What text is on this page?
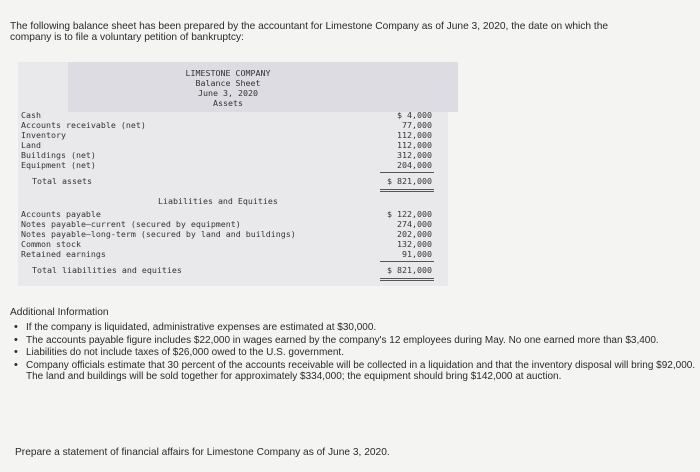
The following balance sheet has been prepared by the accountant for Limestone Company as of June 3, 2020, the date on which the
company is to file a voluntary petition of bankruptcy:
LIMESTONE COMPANY
Balance Sheet
June 3, 2020
Assets
Cash	$ 4,000
Accounts receivable (net)	77,000
Inventory	112,000
Land	112,000
Buildings (net)	312,000
Equipment (net)	204,000
Total assets	$ 821,000
Liabilities and Equities
Accounts payable	$ 122,000
Notes payable—current (secured by equipment)	274,000
Notes payable—long-term (secured by land and buildings)	202,000
Common stock	132,000
Retained earnings	91,000
Total liabilities and equities	$ 821,000
Additional Information
• If the company is liquidated, administrative expenses are estimated at $30,000.
• The accounts payable figure includes $22,000 in wages earned by the company's 12 employees during May. No one earned more than $3,400.
• Liabilities do not include taxes of $26,000 owed to the U.S. government.
• Company officials estimate that 30 percent of the accounts receivable will be collected in a liquidation and that the inventory disposal will bring $92,000. The land and buildings will be sold together for approximately $334,000; the equipment should bring $142,000 at auction.
Prepare a statement of financial affairs for Limestone Company as of June 3, 2020.
